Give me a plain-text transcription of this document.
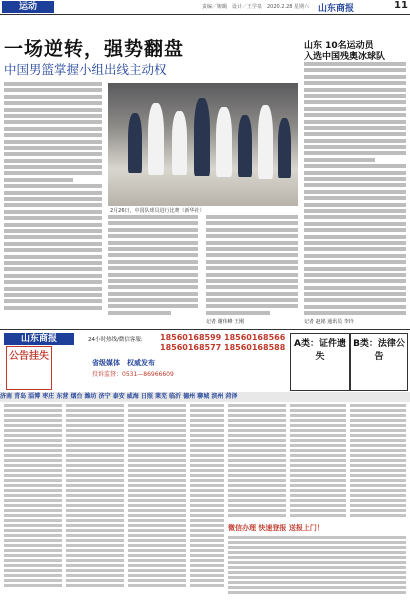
运动	责编／姬璐　设计／王学泉　2020.2.28 星期六 山东商报	11
一场逆转，强势翻盘
中国男篮掌握小组出线主动权
2月26日，中国队球员进行比赛（新华社）
记者 谢伟峰 王刚
山东 10名运动员
入选中国残奥冰球队
记者 赵铭 通讯员 李玲
山东商报
公告挂失
24小时热线/微信客服: 18560168599 18560168566
18560168577 18560168588
省级媒体　权威发布
投诉监督：0531—86966609
A类：证件遗失
B类：法律公告
济南 青岛 淄博 枣庄 东营 烟台 潍坊 济宁 泰安 威海 日照 莱芜 临沂 德州 聊城 滨州 菏泽
微信办理 快速登报 送报上门！
